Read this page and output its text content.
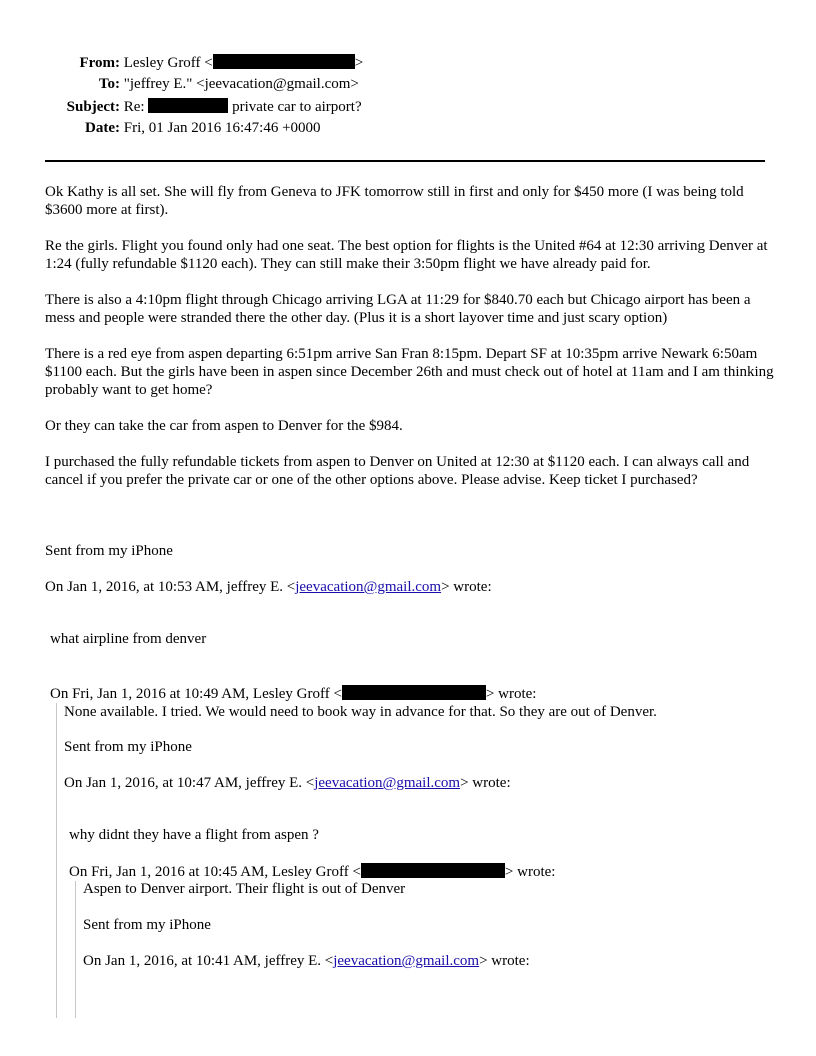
From: Lesley Groff <	>
To: "jeffrey E." <jeevacation@gmail.com>
Subject: Re:	private car to airport?
Date: Fri, 01 Jan 2016 16:47:46 +0000
Ok Kathy is all set. She will fly from Geneva to JFK tomorrow still in first and only for $450 more (I was being told $3600 more at first).
Re the girls. Flight you found only had one seat. The best option for flights is the United #64 at 12:30 arriving Denver at 1:24 (fully refundable $1120 each). They can still make their 3:50pm flight we have already paid for.
There is also a 4:10pm flight through Chicago arriving LGA at 11:29 for $840.70 each but Chicago airport has been a mess and people were stranded there the other day. (Plus it is a short layover time and just scary option)
There is a red eye from aspen departing 6:51pm arrive San Fran 8:15pm. Depart SF at 10:35pm arrive Newark 6:50am $1100 each. But the girls have been in aspen since December 26th and must check out of hotel at 11am and I am thinking probably want to get home?
Or they can take the car from aspen to Denver for the $984.
I purchased the fully refundable tickets from aspen to Denver on United at 12:30 at $1120 each. I can always call and cancel if you prefer the private car or one of the other options above. Please advise. Keep ticket I purchased?
Sent from my iPhone
On Jan 1, 2016, at 10:53 AM, jeffrey E. <jeevacation@gmail.com> wrote:
what airpline from denver
On Fri, Jan 1, 2016 at 10:49 AM, Lesley Groff <	> wrote:
None available. I tried. We would need to book way in advance for that. So they are out of Denver.
Sent from my iPhone
On Jan 1, 2016, at 10:47 AM, jeffrey E. <jeevacation@gmail.com> wrote:
why didnt they have a flight from aspen ?
On Fri, Jan 1, 2016 at 10:45 AM, Lesley Groff <	> wrote:
Aspen to Denver airport. Their flight is out of Denver
Sent from my iPhone
On Jan 1, 2016, at 10:41 AM, jeffrey E. <jeevacation@gmail.com> wrote:
